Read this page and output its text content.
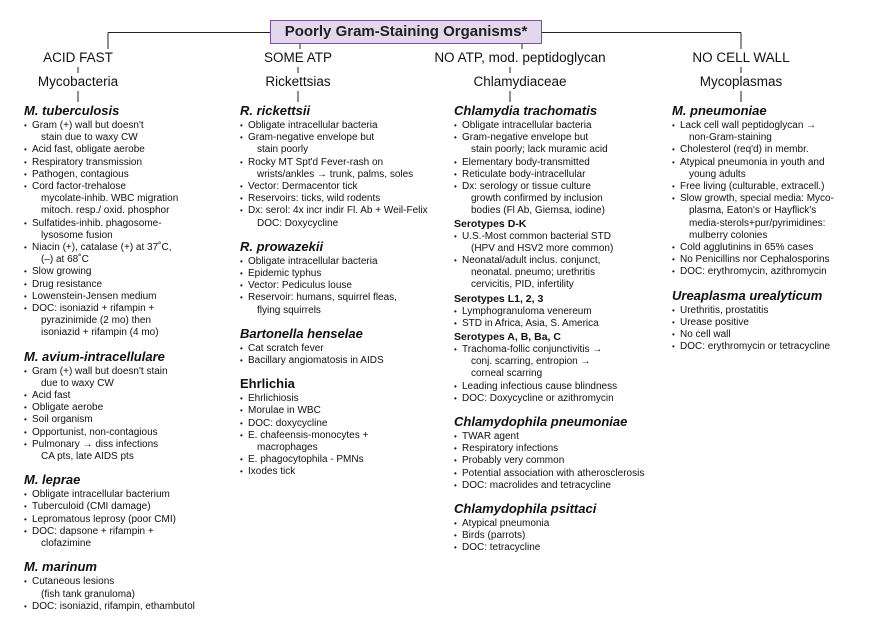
Poorly Gram-Staining Organisms*
ACID FAST
Mycobacteria
SOME ATP
Rickettsias
NO ATP, mod. peptidoglycan
Chlamydiaceae
NO CELL WALL
Mycoplasmas
M. tuberculosis
• Gram (+) wall but doesn't
stain due to waxy CW
• Acid fast, obligate aerobe
• Respiratory transmission
• Pathogen, contagious
• Cord factor-trehalose
mycolate-inhib. WBC migration
mitoch. resp./ oxid. phosphor
• Sulfatides-inhib. phagosome-
lysosome fusion
• Niacin (+), catalase (+) at 37˚C,
(–) at 68˚C
• Slow growing
• Drug resistance
• Lowenstein-Jensen medium
• DOC: isoniazid + rifampin +
pyrazinimide (2 mo) then
isoniazid + rifampin (4 mo)
M. avium-intracellulare
• Gram (+) wall but doesn't stain
due to waxy CW
• Acid fast
• Obligate aerobe
• Soil organism
• Opportunist, non-contagious
• Pulmonary → diss infections
CA pts, late AIDS pts
M. leprae
• Obligate intracellular bacterium
• Tuberculoid (CMI damage)
• Lepromatous leprosy (poor CMI)
• DOC: dapsone + rifampin +
clofazimine
M. marinum
• Cutaneous lesions
(fish tank granuloma)
• DOC: isoniazid, rifampin, ethambutol
R. rickettsii
• Obligate intracellular bacteria
• Gram-negative envelope but
stain poorly
• Rocky MT Spt'd Fever-rash on
wrists/ankles → trunk, palms, soles
• Vector: Dermacentor tick
• Reservoirs: ticks, wild rodents
• Dx: serol: 4x incr indir Fl. Ab + Weil-Felix
DOC: Doxycycline
R. prowazekii
• Obligate intracellular bacteria
• Epidemic typhus
• Vector: Pediculus louse
• Reservoir: humans, squirrel fleas,
flying squirrels
Bartonella henselae
• Cat scratch fever
• Bacillary angiomatosis in AIDS
Ehrlichia
• Ehrlichiosis
• Morulae in WBC
• DOC: doxycycline
• E. chafeensis-monocytes +
macrophages
• E. phagocytophila - PMNs
• Ixodes tick
Chlamydia trachomatis
• Obligate intracellular bacteria
• Gram-negative envelope but
stain poorly; lack muramic acid
• Elementary body-transmitted
• Reticulate body-intracellular
• Dx: serology or tissue culture
growth confirmed by inclusion
bodies (Fl Ab, Giemsa, iodine)
Serotypes D-K
• U.S.-Most common bacterial STD
(HPV and HSV2 more common)
• Neonatal/adult inclus. conjunct,
neonatal. pneumo; urethritis
cervicitis, PID, infertility
Serotypes L1, 2, 3
• Lymphogranuloma venereum
• STD in Africa, Asia, S. America
Serotypes A, B, Ba, C
• Trachoma-follic conjunctivitis →
conj. scarring, entropion →
corneal scarring
• Leading infectious cause blindness
• DOC: Doxycycline or azithromycin
Chlamydophila pneumoniae
• TWAR agent
• Respiratory infections
• Probably very common
• Potential association with atherosclerosis
• DOC: macrolides and tetracycline
Chlamydophila psittaci
• Atypical pneumonia
• Birds (parrots)
• DOC: tetracycline
M. pneumoniae
• Lack cell wall peptidoglycan →
non-Gram-staining
• Cholesterol (req'd) in membr.
• Atypical pneumonia in youth and
young adults
• Free living (culturable, extracell.)
• Slow growth, special media: Myco-
plasma, Eaton's or Hayflick's
media-sterols+pur/pyrimidines:
mulberry colonies
• Cold agglutinins in 65% cases
• No Penicillins nor Cephalosporins
• DOC: erythromycin, azithromycin
Ureaplasma urealyticum
• Urethritis, prostatitis
• Urease positive
• No cell wall
• DOC: erythromycin or tetracycline
